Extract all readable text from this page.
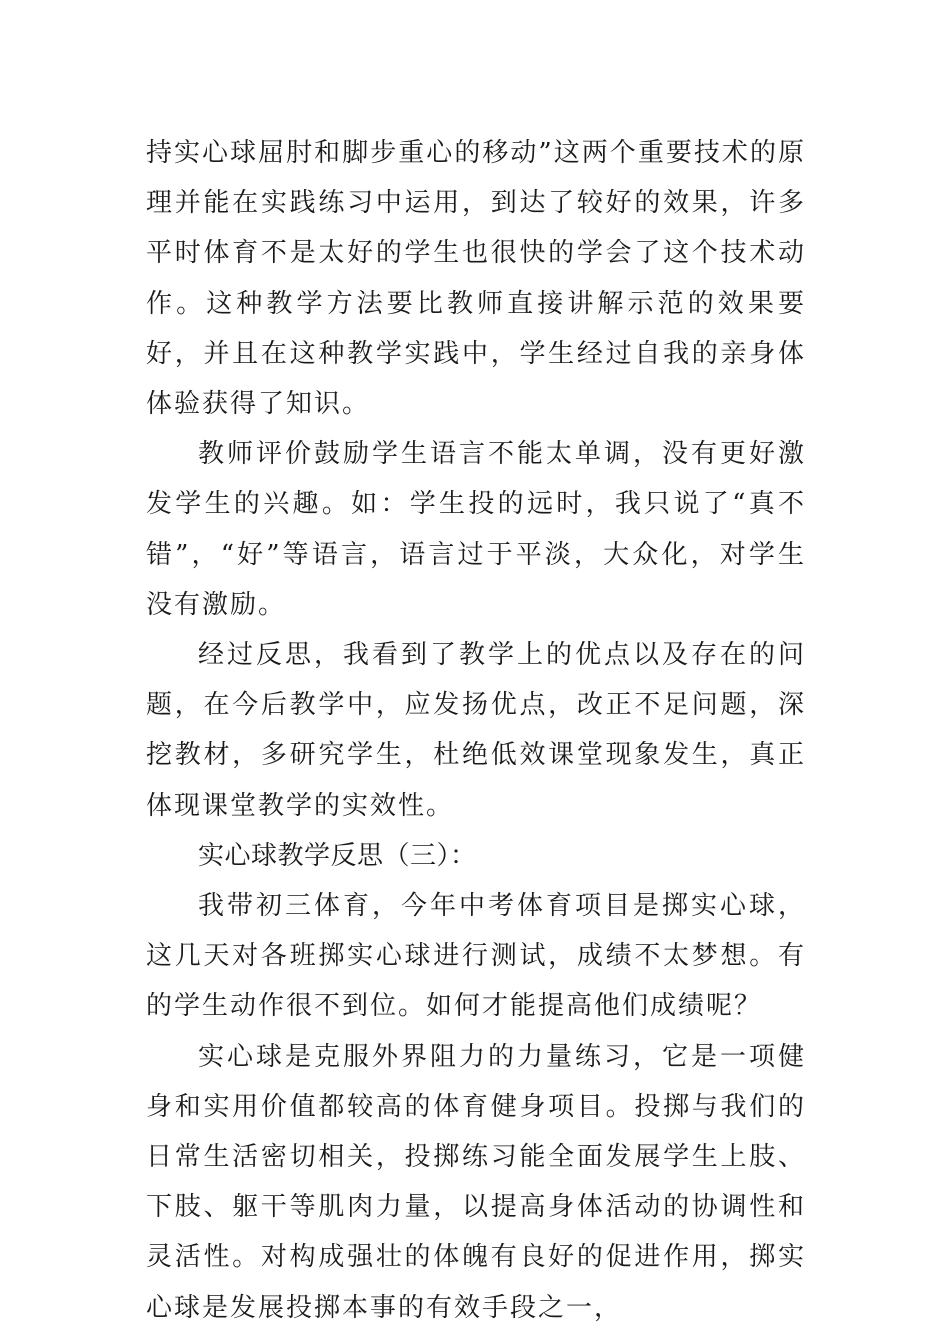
持实心球屈肘和脚步重心的移动”这两个重要技术的原理并能在实践练习中运用，到达了较好的效果，许多平时体育不是太好的学生也很快的学会了这个技术动作。这种教学方法要比教师直接讲解示范的效果要好，并且在这种教学实践中，学生经过自我的亲身体体验获得了知识。

教师评价鼓励学生语言不能太单调，没有更好激发学生的兴趣。如：学生投的远时，我只说了“真不错”，“好”等语言，语言过于平淡，大众化，对学生没有激励。

经过反思，我看到了教学上的优点以及存在的问题，在今后教学中，应发扬优点，改正不足问题，深挖教材，多研究学生，杜绝低效课堂现象发生，真正体现课堂教学的实效性。

实心球教学反思（三）：

我带初三体育，今年中考体育项目是掷实心球，这几天对各班掷实心球进行测试，成绩不太梦想。有的学生动作很不到位。如何才能提高他们成绩呢？

实心球是克服外界阻力的力量练习，它是一项健身和实用价值都较高的体育健身项目。投掷与我们的日常生活密切相关，投掷练习能全面发展学生上肢、下肢、躯干等肌肉力量，以提高身体活动的协调性和灵活性。对构成强壮的体魄有良好的促进作用，掷实心球是发展投掷本事的有效手段之一，
